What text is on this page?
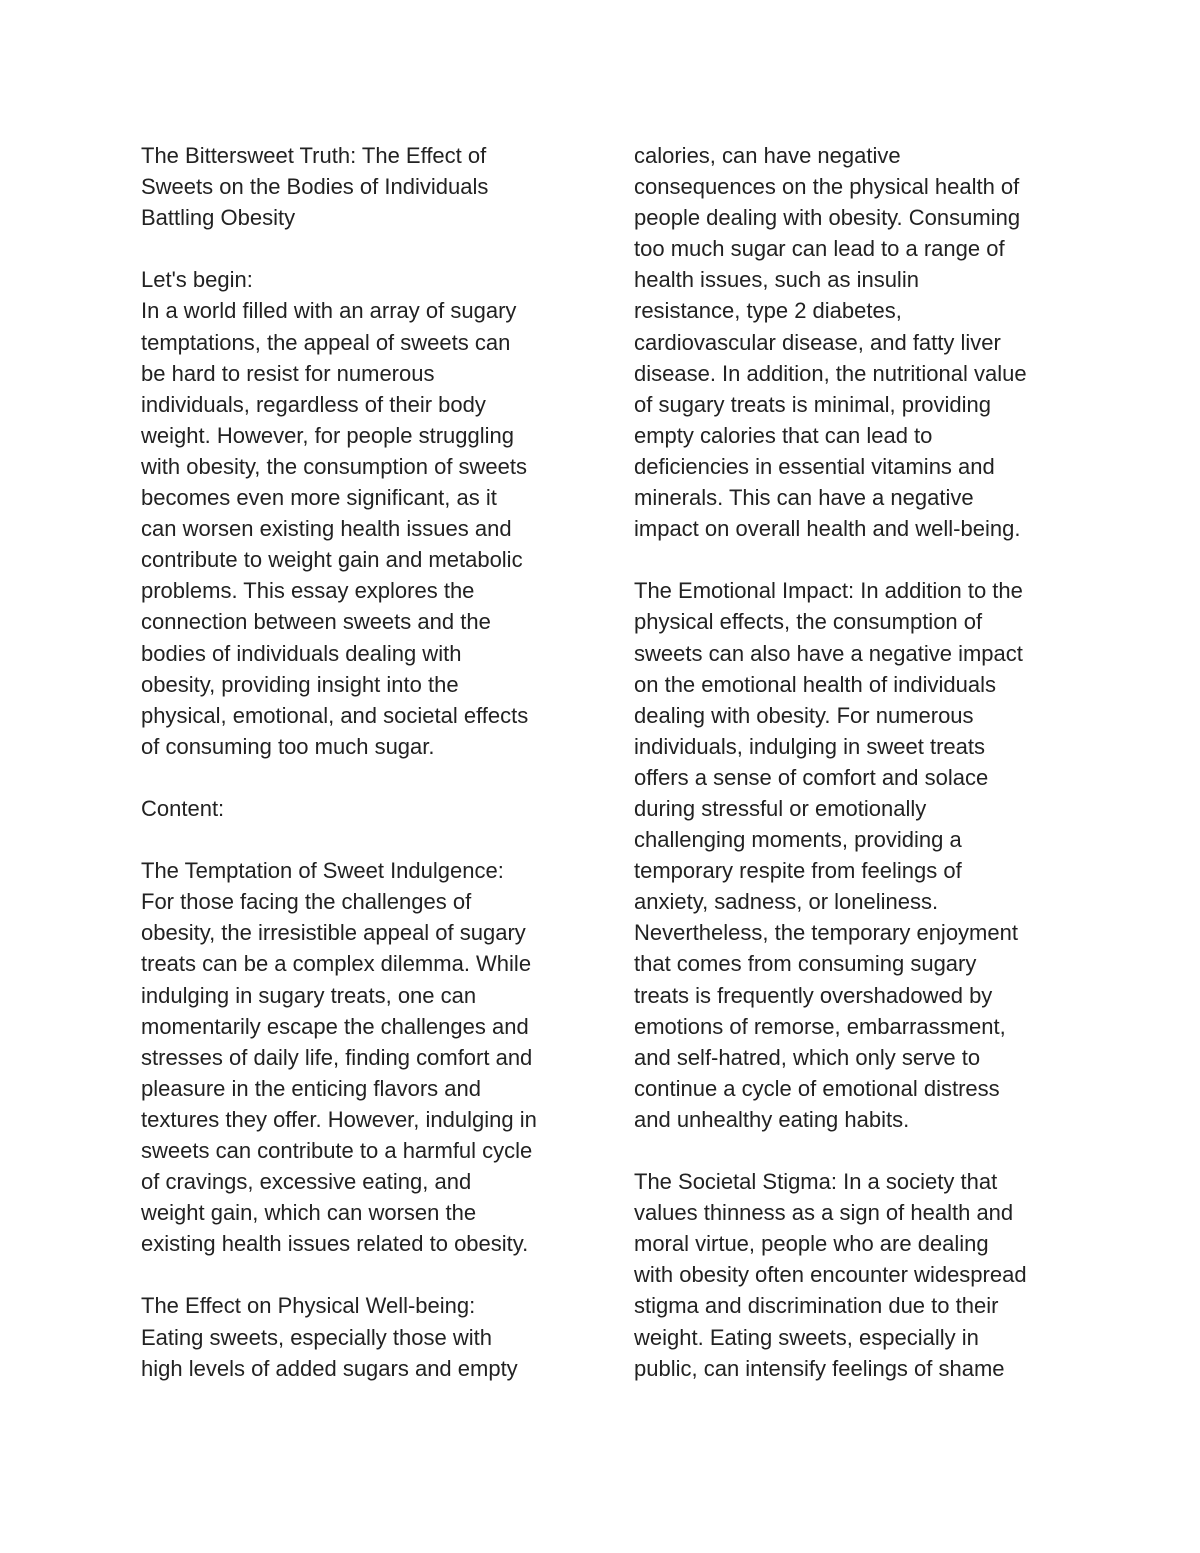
The Bittersweet Truth: The Effect of
Sweets on the Bodies of Individuals
Battling Obesity
Let's begin:
In a world filled with an array of sugary
temptations, the appeal of sweets can
be hard to resist for numerous
individuals, regardless of their body
weight. However, for people struggling
with obesity, the consumption of sweets
becomes even more significant, as it
can worsen existing health issues and
contribute to weight gain and metabolic
problems. This essay explores the
connection between sweets and the
bodies of individuals dealing with
obesity, providing insight into the
physical, emotional, and societal effects
of consuming too much sugar.
Content:
The Temptation of Sweet Indulgence:
For those facing the challenges of
obesity, the irresistible appeal of sugary
treats can be a complex dilemma. While
indulging in sugary treats, one can
momentarily escape the challenges and
stresses of daily life, finding comfort and
pleasure in the enticing flavors and
textures they offer. However, indulging in
sweets can contribute to a harmful cycle
of cravings, excessive eating, and
weight gain, which can worsen the
existing health issues related to obesity.
The Effect on Physical Well-being:
Eating sweets, especially those with
high levels of added sugars and empty
calories, can have negative
consequences on the physical health of
people dealing with obesity. Consuming
too much sugar can lead to a range of
health issues, such as insulin
resistance, type 2 diabetes,
cardiovascular disease, and fatty liver
disease. In addition, the nutritional value
of sugary treats is minimal, providing
empty calories that can lead to
deficiencies in essential vitamins and
minerals. This can have a negative
impact on overall health and well-being.
The Emotional Impact: In addition to the
physical effects, the consumption of
sweets can also have a negative impact
on the emotional health of individuals
dealing with obesity. For numerous
individuals, indulging in sweet treats
offers a sense of comfort and solace
during stressful or emotionally
challenging moments, providing a
temporary respite from feelings of
anxiety, sadness, or loneliness.
Nevertheless, the temporary enjoyment
that comes from consuming sugary
treats is frequently overshadowed by
emotions of remorse, embarrassment,
and self-hatred, which only serve to
continue a cycle of emotional distress
and unhealthy eating habits.
The Societal Stigma: In a society that
values thinness as a sign of health and
moral virtue, people who are dealing
with obesity often encounter widespread
stigma and discrimination due to their
weight. Eating sweets, especially in
public, can intensify feelings of shame
